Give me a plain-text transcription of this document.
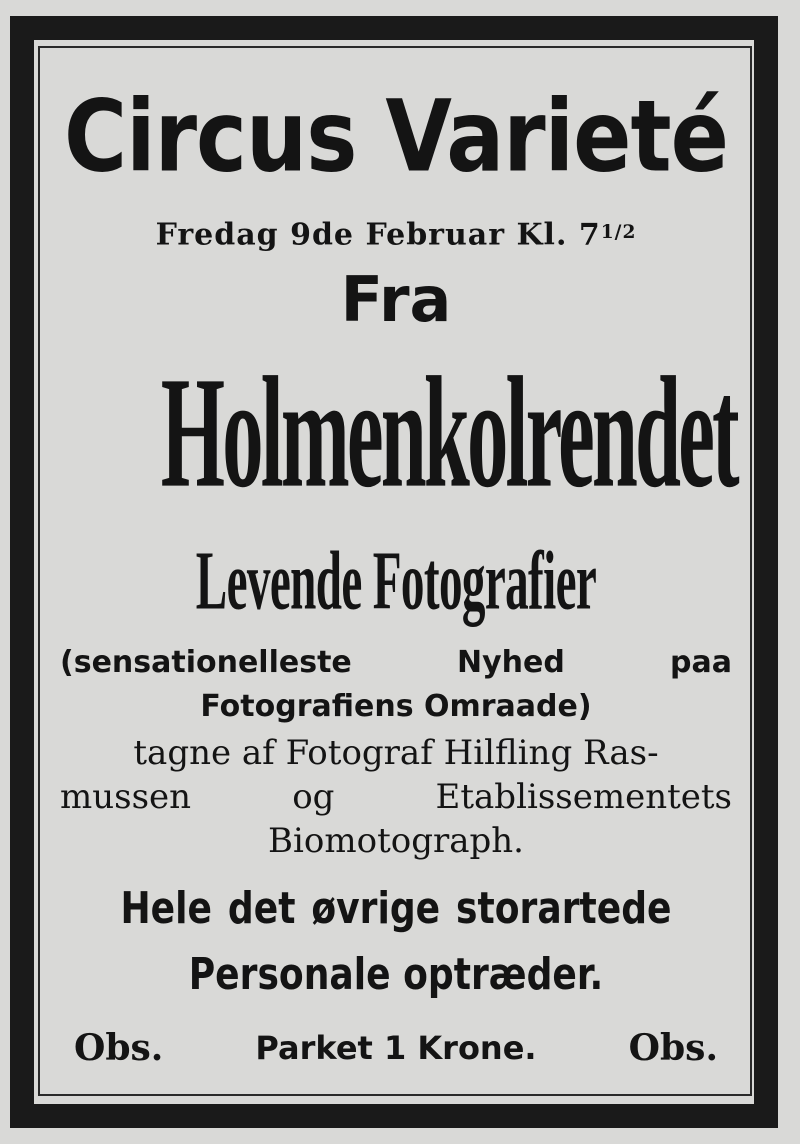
Circus Varieté
Fredag 9de Februar Kl. $7^{1/2}$
Fra
Holmenkolrendet
Levende Fotografier
(sensationelleste	Nyhed	paa
Fotografiens Omraade)
tagne af Fotograf Hilfling Ras-
mussen	og	Etablissementets
Biomotograph.
Hele det øvrige storartede
Personale optræder.
Obs.	Parket 1 Krone.	Obs.
